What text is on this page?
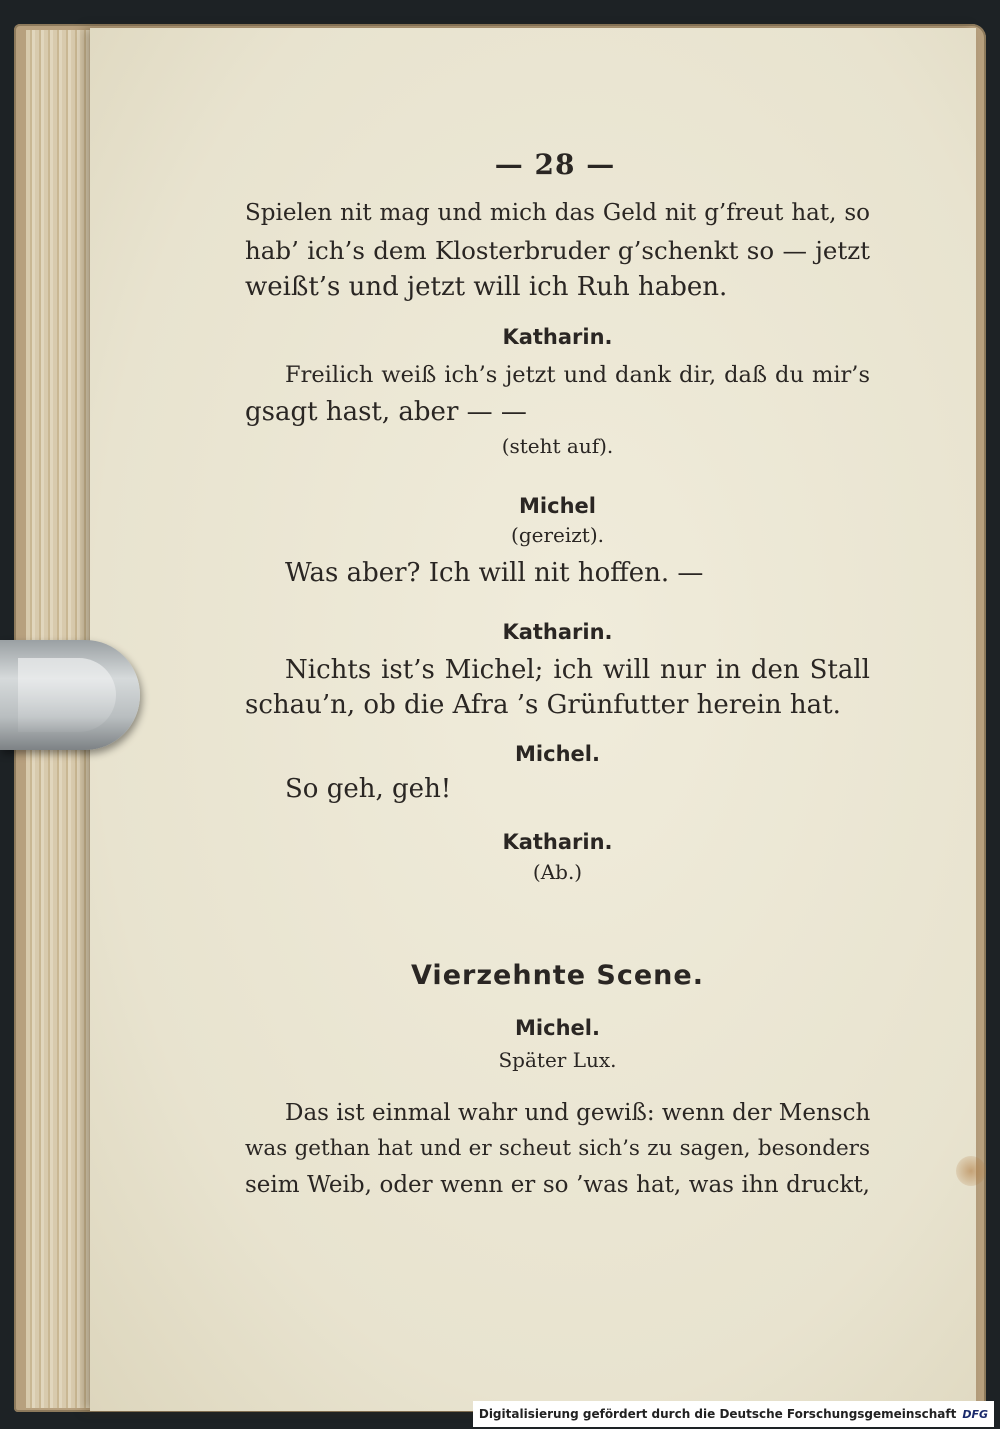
— 28 —
Spielen nit mag und mich das Geld nit g’freut hat, so
hab’ ich’s dem Klosterbruder g’schenkt so — jetzt
weißt’s und jetzt will ich Ruh haben.
Katharin.
Freilich weiß ich’s jetzt und dank dir, daß du mir’s
gsagt hast, aber — —
(steht auf).
Michel
(gereizt).
Was aber? Ich will nit hoffen. —
Katharin.
Nichts ist’s Michel; ich will nur in den Stall
schau’n, ob die Afra ’s Grünfutter herein hat.
Michel.
So geh, geh!
Katharin.
(Ab.)
Vierzehnte Scene.
Michel.
Später Lux.
Das ist einmal wahr und gewiß: wenn der Mensch
was gethan hat und er scheut sich’s zu sagen, besonders
seim Weib, oder wenn er so ’was hat, was ihn druckt,
Digitalisierung gefördert durch die Deutsche Forschungsgemeinschaft DFG
